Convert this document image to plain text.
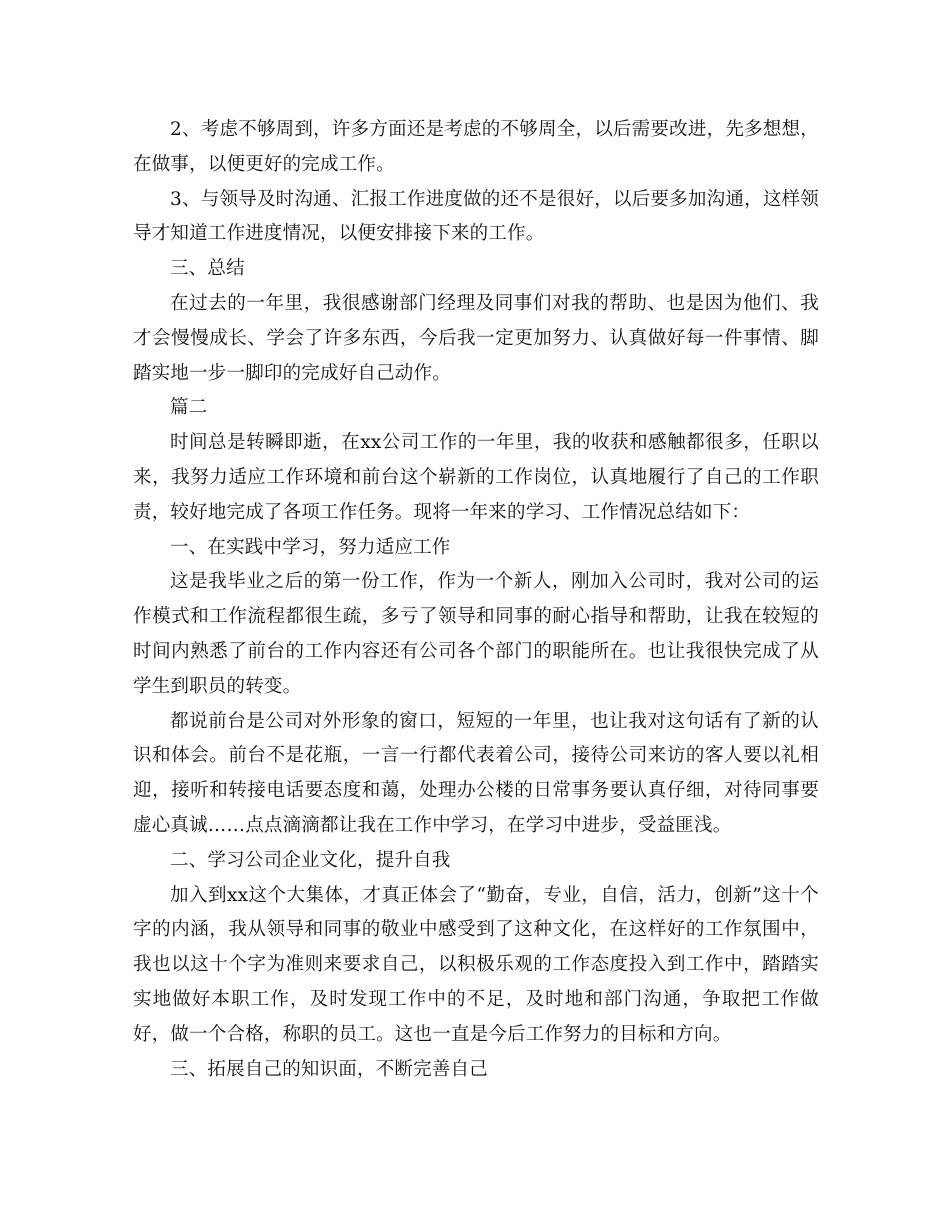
2、考虑不够周到，许多方面还是考虑的不够周全，以后需要改进，先多想想，在做事，以便更好的完成工作。

3、与领导及时沟通、汇报工作进度做的还不是很好，以后要多加沟通，这样领导才知道工作进度情况，以便安排接下来的工作。

三、总结

在过去的一年里，我很感谢部门经理及同事们对我的帮助、也是因为他们、我才会慢慢成长、学会了许多东西，今后我一定更加努力、认真做好每一件事情、脚踏实地一步一脚印的完成好自己动作。

篇二

时间总是转瞬即逝，在xx公司工作的一年里，我的收获和感触都很多，任职以来，我努力适应工作环境和前台这个崭新的工作岗位，认真地履行了自己的工作职责，较好地完成了各项工作任务。现将一年来的学习、工作情况总结如下：

一、在实践中学习，努力适应工作

这是我毕业之后的第一份工作，作为一个新人，刚加入公司时，我对公司的运作模式和工作流程都很生疏，多亏了领导和同事的耐心指导和帮助，让我在较短的时间内熟悉了前台的工作内容还有公司各个部门的职能所在。也让我很快完成了从学生到职员的转变。

都说前台是公司对外形象的窗口，短短的一年里，也让我对这句话有了新的认识和体会。前台不是花瓶，一言一行都代表着公司，接待公司来访的客人要以礼相迎，接听和转接电话要态度和蔼，处理办公楼的日常事务要认真仔细，对待同事要虚心真诚……点点滴滴都让我在工作中学习，在学习中进步，受益匪浅。

二、学习公司企业文化，提升自我

加入到xx这个大集体，才真正体会了“勤奋，专业，自信，活力，创新”这十个字的内涵，我从领导和同事的敬业中感受到了这种文化，在这样好的工作氛围中，我也以这十个字为准则来要求自己，以积极乐观的工作态度投入到工作中，踏踏实实地做好本职工作，及时发现工作中的不足，及时地和部门沟通，争取把工作做好，做一个合格，称职的员工。这也一直是今后工作努力的目标和方向。

三、拓展自己的知识面，不断完善自己
